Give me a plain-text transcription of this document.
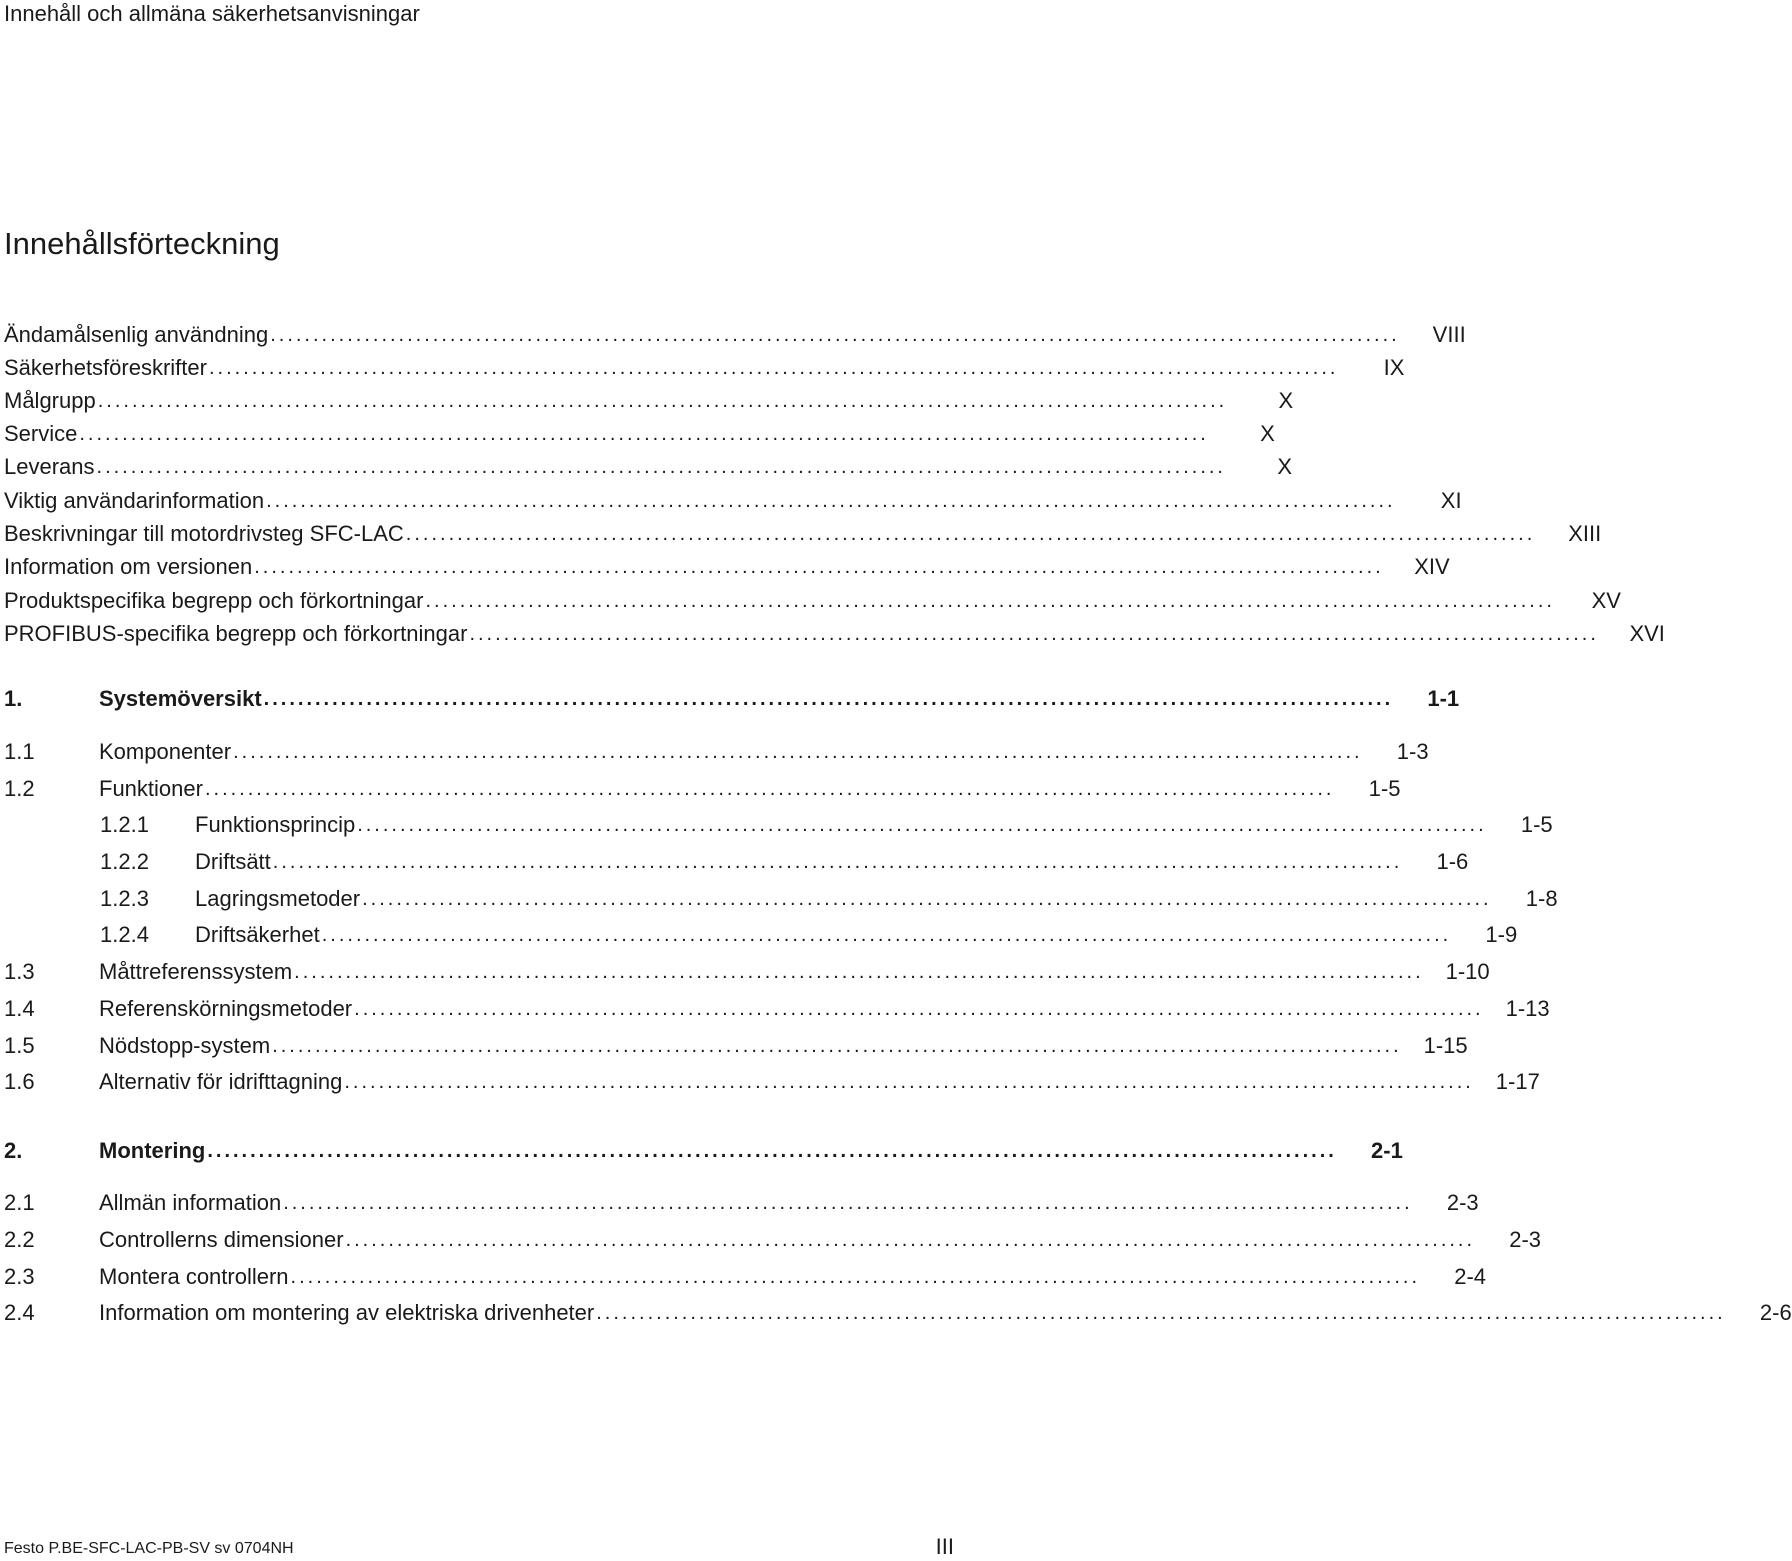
Innehåll och allmäna säkerhetsanvisningar
Innehållsförteckning
Ändamålsenlig användning ....................................................................................................................................	VIII
Säkerhetsföreskrifter ....................................................................................................................................	IX
Målgrupp ....................................................................................................................................	X
Service ....................................................................................................................................	X
Leverans ....................................................................................................................................	X
Viktig användarinformation ....................................................................................................................................	XI
Beskrivningar till motordrivsteg SFC-LAC ....................................................................................................................................	XIII
Information om versionen ....................................................................................................................................	XIV
Produktspecifika begrepp och förkortningar ....................................................................................................................................	XV
PROFIBUS-specifika begrepp och förkortningar ....................................................................................................................................	XVI
1.	Systemöversikt ....................................................................................................................................	1-1
1.1	Komponenter ....................................................................................................................................	1-3
1.2	Funktioner ....................................................................................................................................	1-5
1.2.1	Funktionsprincip ....................................................................................................................................	1-5
1.2.2	Driftsätt ....................................................................................................................................	1-6
1.2.3	Lagringsmetoder ....................................................................................................................................	1-8
1.2.4	Driftsäkerhet ....................................................................................................................................	1-9
1.3	Måttreferenssystem .................................................................................................................................... 1-10
1.4	Referenskörningsmetoder .................................................................................................................................... 1-13
1.5	Nödstopp-system .................................................................................................................................... 1-15
1.6	Alternativ för idrifttagning .................................................................................................................................... 1-17
2.	Montering ....................................................................................................................................	2-1
2.1	Allmän information ....................................................................................................................................	2-3
2.2	Controllerns dimensioner ....................................................................................................................................	2-3
2.3	Montera controllern ....................................................................................................................................	2-4
2.4	Information om montering av elektriska drivenheter ....................................................................................................................................	2-6
Festo P.BE-SFC-LAC-PB-SV sv 0704NH	III
